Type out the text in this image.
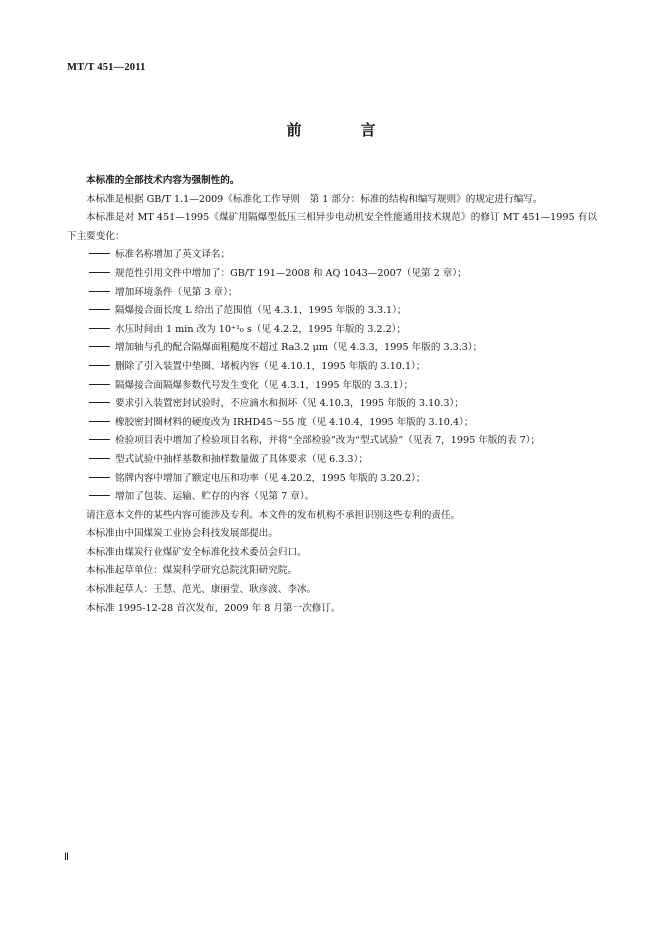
MT/T 451—2011
前　言

本标准的全部技术内容为强制性的。

本标准是根据 GB/T 1.1—2009《标准化工作导则　第 1 部分：标准的结构和编写规则》的规定进行编写。

本标准是对 MT 451—1995《煤矿用隔爆型低压三相异步电动机安全性能通用技术规范》的修订 MT 451—1995 有以下主要变化：

标准名称增加了英文译名；
规范性引用文件中增加了：GB/T 191—2008 和 AQ 1043—2007（见第 2 章）；
增加环境条件（见第 3 章）；
隔爆接合面长度 L 给出了范围值（见 4.3.1，1995 年版的 3.3.1）；
水压时间由 1 min 改为 10⁺¹₀ s（见 4.2.2，1995 年版的 3.2.2）；
增加轴与孔的配合隔爆面粗糙度不超过 Ra3.2 μm（见 4.3.3，1995 年版的 3.3.3）；
删除了引入装置中垫圈、堵板内容（见 4.10.1，1995 年版的 3.10.1）；
隔爆接合面隔爆参数代号发生变化（见 4.3.1，1995 年版的 3.3.1）；
要求引入装置密封试验时，不应滴水和损坏（见 4.10.3，1995 年版的 3.10.3）；
橡胶密封圈材料的硬度改为 IRHD45～55 度（见 4.10.4，1995 年版的 3.10.4）；
检验项目表中增加了检验项目名称，并将“全部检验”改为“型式试验”（见表 7，1995 年版的表 7）；
型式试验中抽样基数和抽样数量做了具体要求（见 6.3.3）；
铭牌内容中增加了额定电压和功率（见 4.20.2，1995 年版的 3.20.2）；
增加了包装、运输、贮存的内容（见第 7 章）。

请注意本文件的某些内容可能涉及专利。本文件的发布机构不承担识别这些专利的责任。

本标准由中国煤炭工业协会科技发展部提出。

本标准由煤炭行业煤矿安全标准化技术委员会归口。

本标准起草单位：煤炭科学研究总院沈阳研究院。

本标准起草人：王慧、范光、康丽莹、耿彦波、李冰。

本标准 1995-12-28 首次发布，2009 年 8 月第一次修订。

Ⅱ
